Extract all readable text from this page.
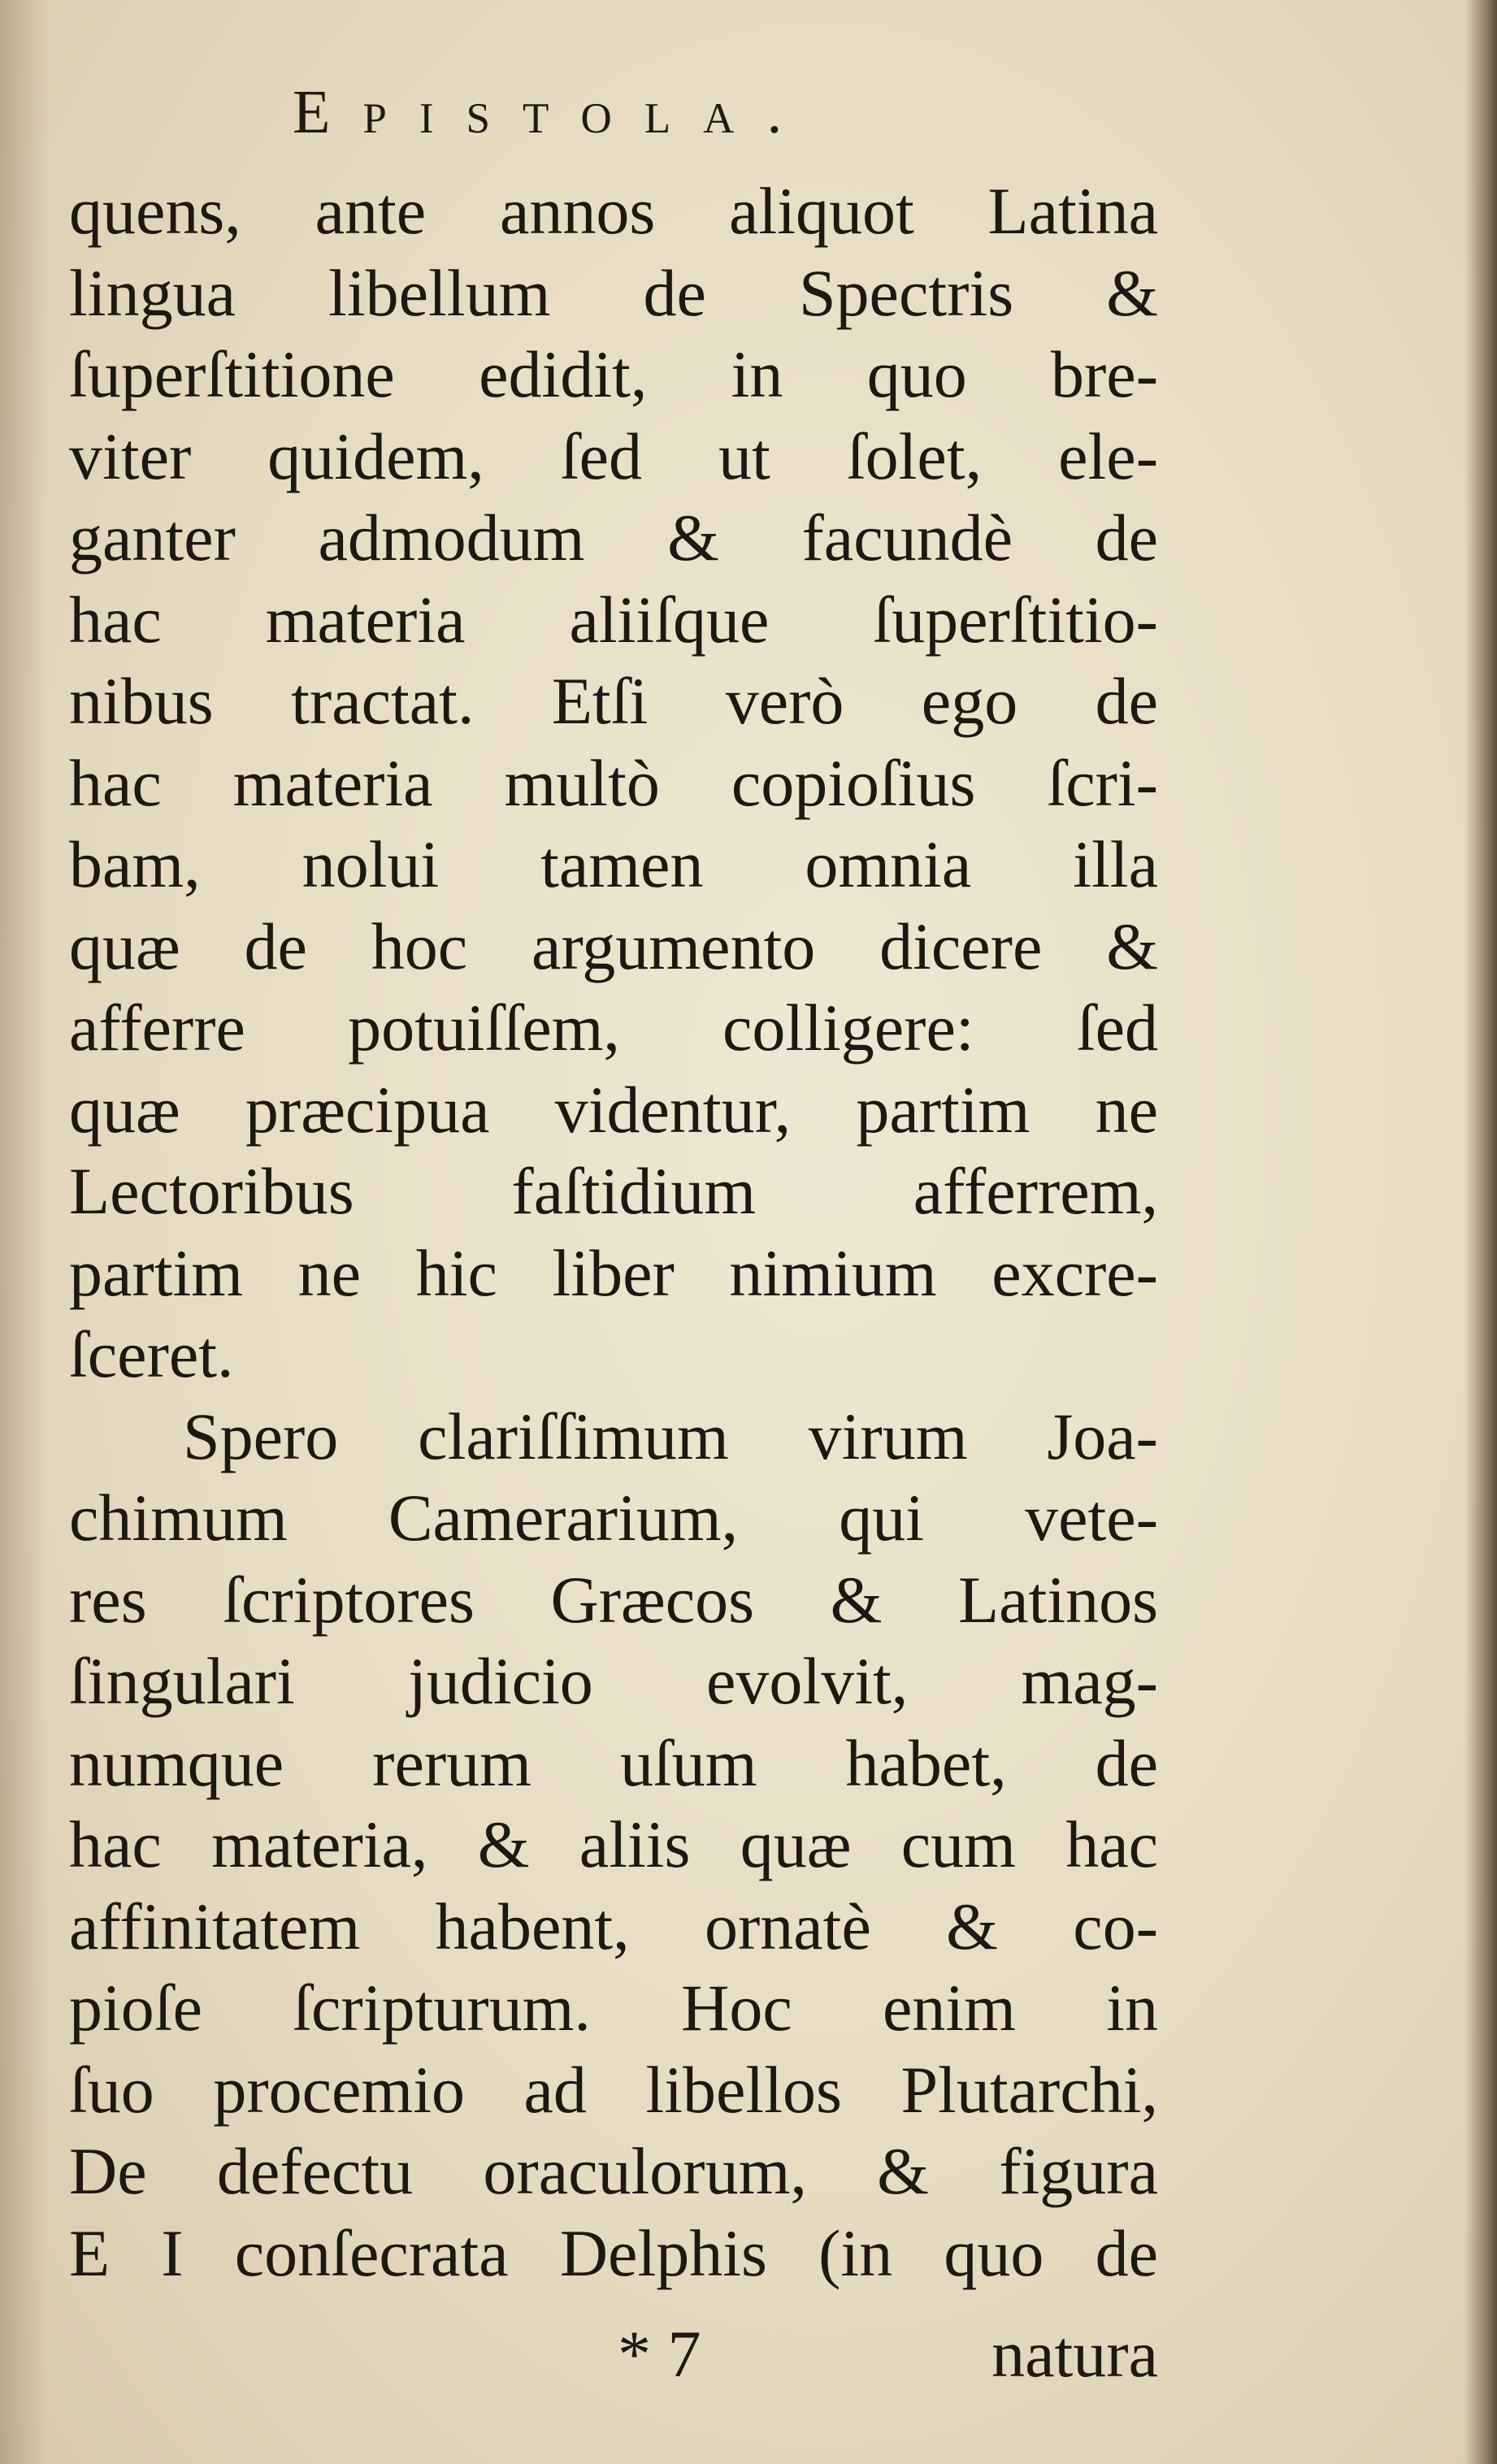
Epistola.
quens, ante annos aliquot Latina
lingua libellum de Spectris &
ſuperſtitione edidit, in quo bre-
viter quidem, ſed ut ſolet, ele-
ganter admodum & facundè de
hac materia aliiſque ſuperſtitio-
nibus tractat. Etſi verò ego de
hac materia multò copioſius ſcri-
bam, nolui tamen omnia illa
quæ de hoc argumento dicere &
afferre potuiſſem, colligere: ſed
quæ præcipua videntur, partim ne
Lectoribus faſtidium afferrem,
partim ne hic liber nimium excre-
ſceret.
Spero clariſſimum virum Joa-
chimum Camerarium, qui vete-
res ſcriptores Græcos & Latinos
ſingulari judicio evolvit, mag-
numque rerum uſum habet, de
hac materia, & aliis quæ cum hac
affinitatem habent, ornatè & co-
pioſe ſcripturum. Hoc enim in
ſuo procemio ad libellos Plutarchi,
De defectu oraculorum, & figura
E I conſecrata Delphis (in quo de
* 7	natura
